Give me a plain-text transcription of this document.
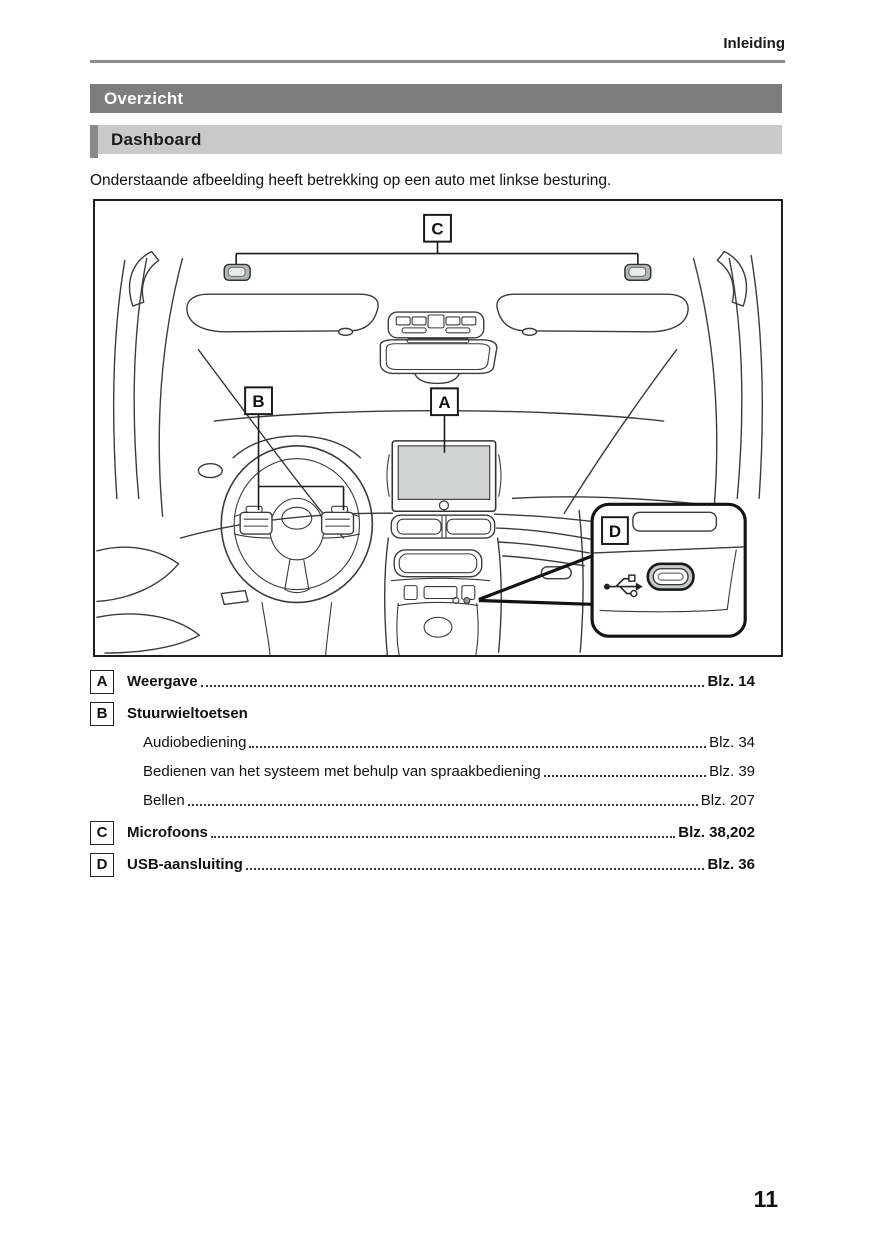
Inleiding
Overzicht
Dashboard
Onderstaande afbeelding heeft betrekking op een auto met linkse besturing.
D
C
B	A
A	Weergave	Blz. 14
B	Stuurwieltoetsen
Audiobediening	Blz. 34
Bedienen van het systeem met behulp van spraakbediening	Blz. 39
Bellen	Blz. 207
C	Microfoons	Blz. 38,202
D	USB-aansluiting	Blz. 36
11
